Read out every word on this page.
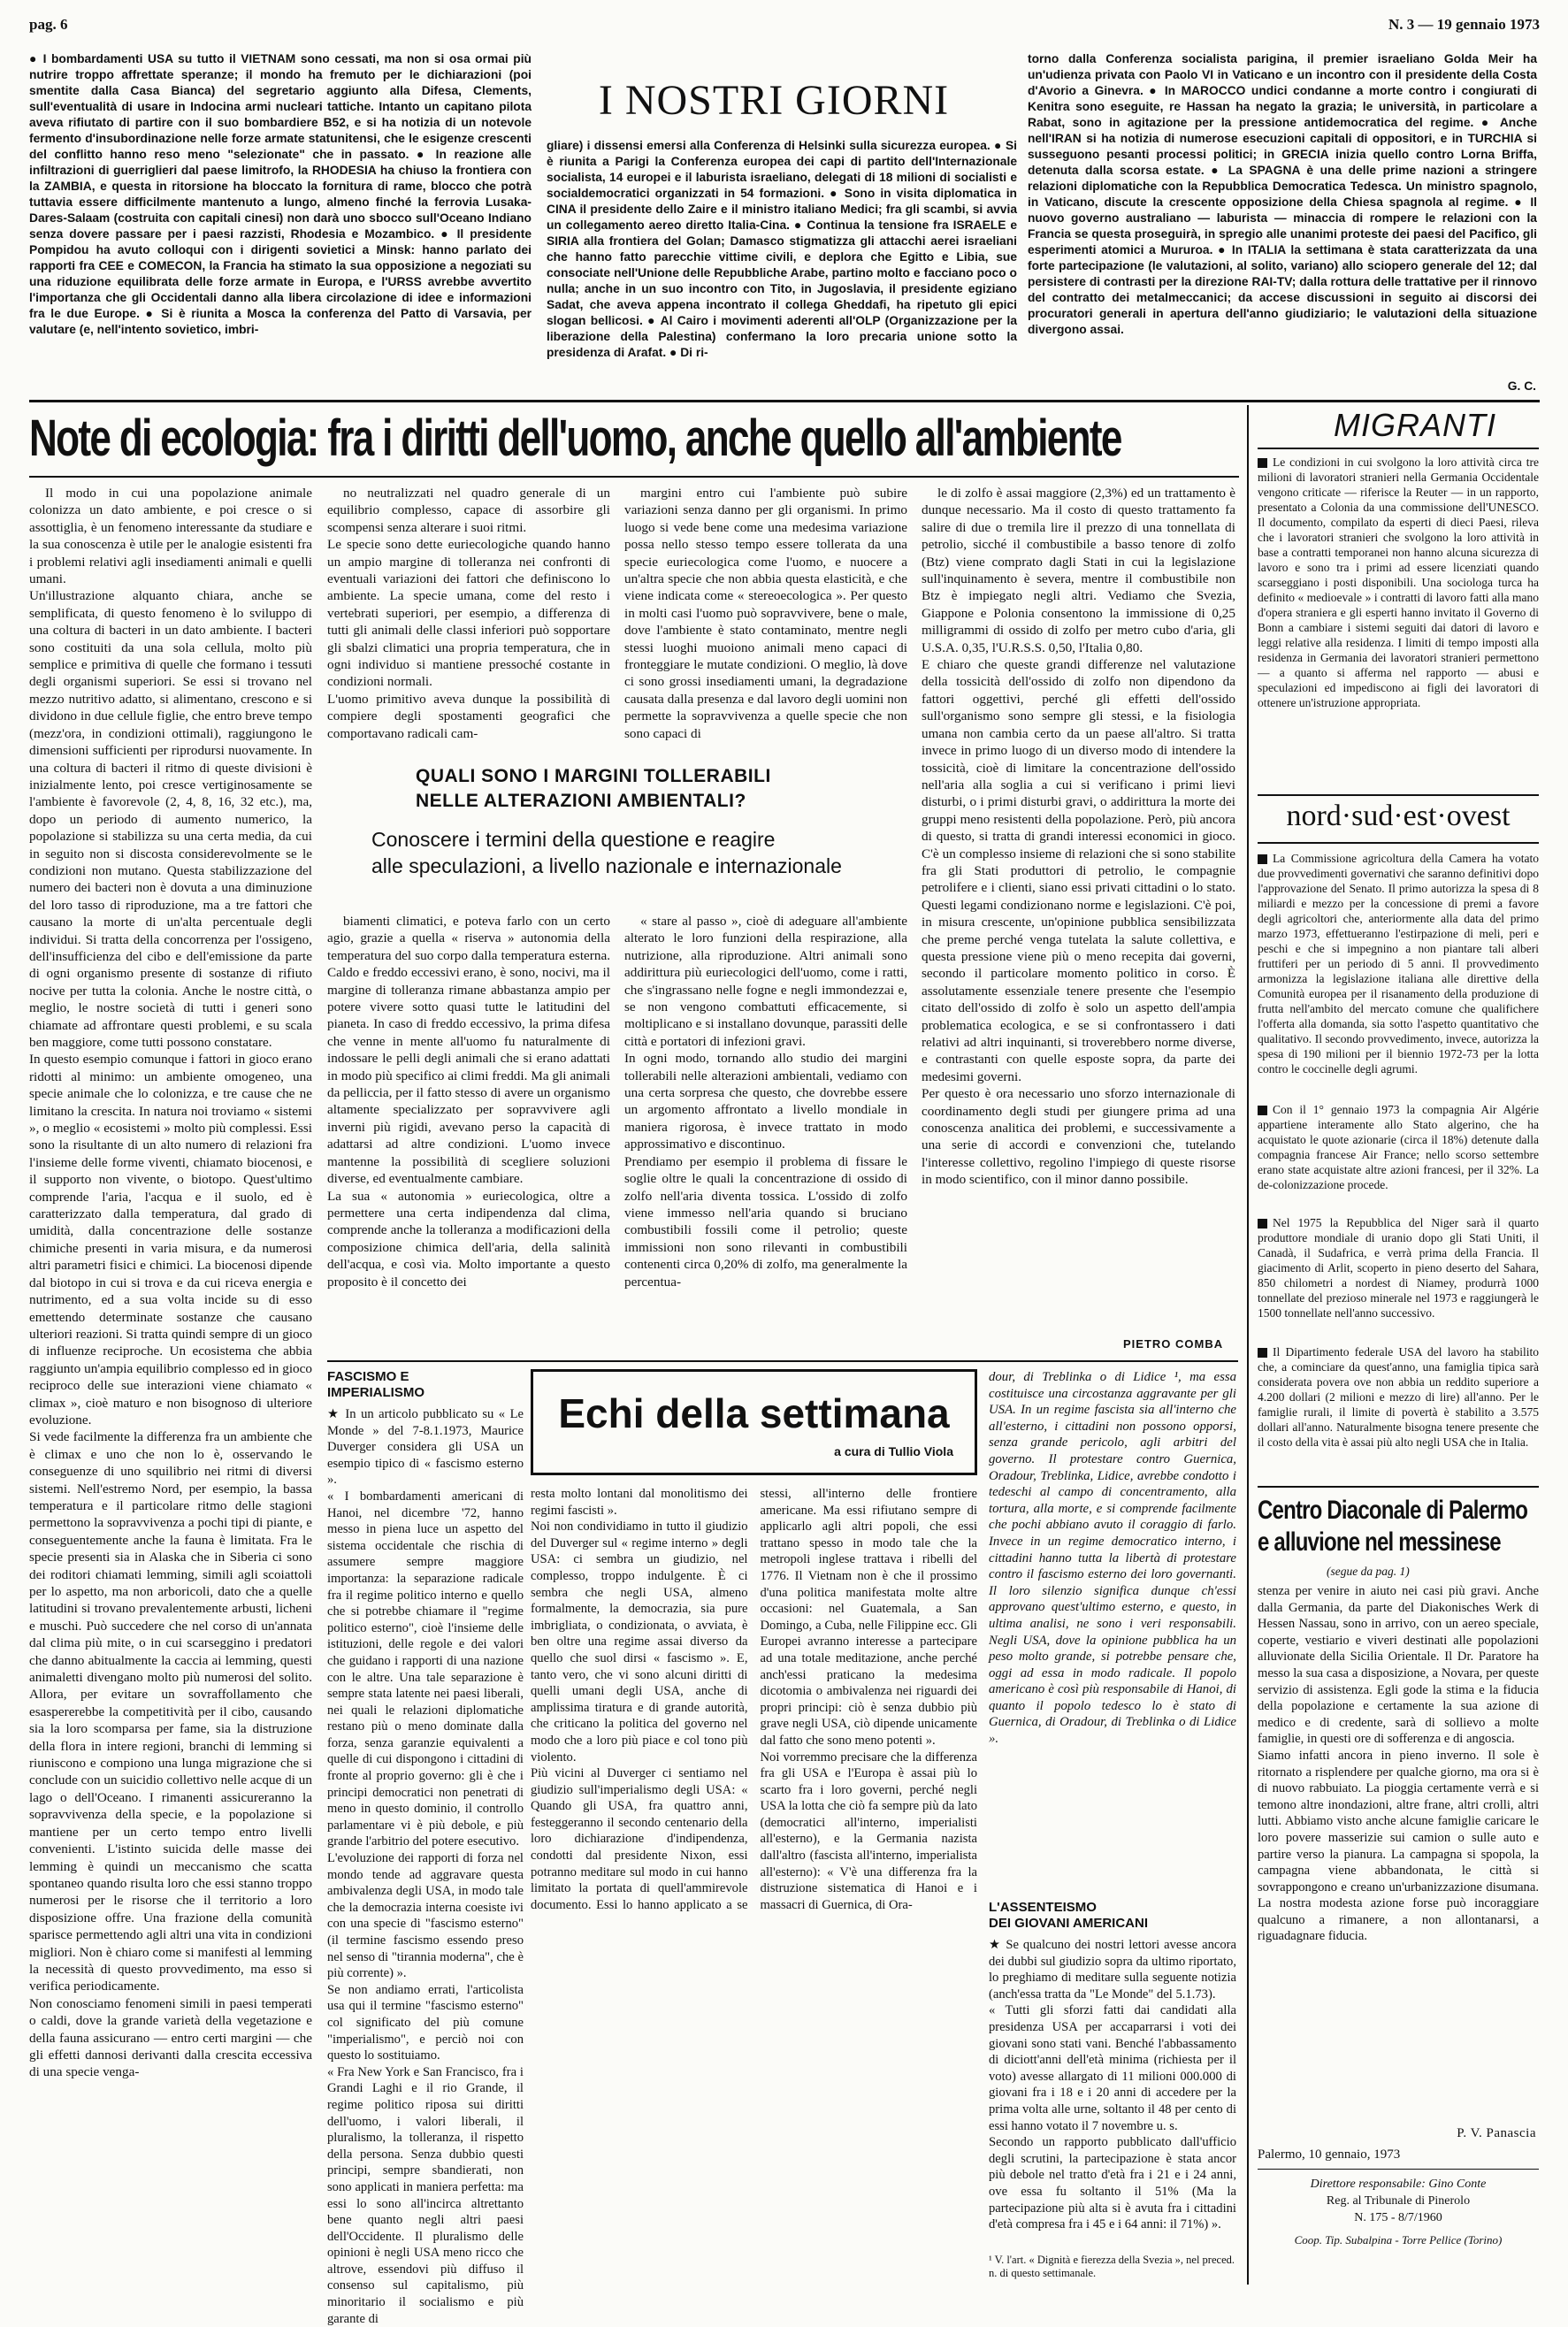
pag. 6	N. 3 — 19 gennaio 1973
● I bombardamenti USA su tutto il VIETNAM sono cessati, ma non si osa ormai più nutrire troppo affrettate speranze; il mondo ha fremuto per le dichiarazioni (poi smentite dalla Casa Bianca) del segretario aggiunto alla Difesa, Clements, sull'eventualità di usare in Indocina armi nucleari tattiche. Intanto un capitano pilota aveva rifiutato di partire con il suo bombardiere B52, e si ha notizia di un notevole fermento d'insubordinazione nelle forze armate statunitensi, che le esigenze crescenti del conflitto hanno reso meno "selezionate" che in passato. ● In reazione alle infiltrazioni di guerriglieri dal paese limitrofo, la RHODESIA ha chiuso la frontiera con la ZAMBIA, e questa in ritorsione ha bloccato la fornitura di rame, blocco che potrà tuttavia essere difficilmente mantenuto a lungo, almeno finché la ferrovia Lusaka-Dares-Salaam (costruita con capitali cinesi) non darà uno sbocco sull'Oceano Indiano senza dovere passare per i paesi razzisti, Rhodesia e Mozambico. ● Il presidente Pompidou ha avuto colloqui con i dirigenti sovietici a Minsk: hanno parlato dei rapporti fra CEE e COMECON, la Francia ha stimato la sua opposizione a negoziati su una riduzione equilibrata delle forze armate in Europa, e l'URSS avrebbe avvertito l'importanza che gli Occidentali danno alla libera circolazione di idee e informazioni fra le due Europe. ● Si è riunita a Mosca la conferenza del Patto di Varsavia, per valutare (e, nell'intento sovietico, imbri-
I NOSTRI GIORNI
gliare) i dissensi emersi alla Conferenza di Helsinki sulla sicurezza europea. ● Si è riunita a Parigi la Conferenza europea dei capi di partito dell'Internazionale socialista, 14 europei e il laburista israeliano, delegati di 18 milioni di socialisti e socialdemocratici organizzati in 54 formazioni. ● Sono in visita diplomatica in CINA il presidente dello Zaire e il ministro italiano Medici; fra gli scambi, si avvia un collegamento aereo diretto Italia-Cina. ● Continua la tensione fra ISRAELE e SIRIA alla frontiera del Golan; Damasco stigmatizza gli attacchi aerei israeliani che hanno fatto parecchie vittime civili, e deplora che Egitto e Libia, sue consociate nell'Unione delle Repubbliche Arabe, partino molto e facciano poco o nulla; anche in un suo incontro con Tito, in Jugoslavia, il presidente egiziano Sadat, che aveva appena incontrato il collega Gheddafi, ha ripetuto gli epici slogan bellicosi. ● Al Cairo i movimenti aderenti all'OLP (Organizzazione per la liberazione della Palestina) confermano la loro precaria unione sotto la presidenza di Arafat. ● Di ri-
torno dalla Conferenza socialista parigina, il premier israeliano Golda Meir ha un'udienza privata con Paolo VI in Vaticano e un incontro con il presidente della Costa d'Avorio a Ginevra. ● In MAROCCO undici condanne a morte contro i congiurati di Kenitra sono eseguite, re Hassan ha negato la grazia; le università, in particolare a Rabat, sono in agitazione per la pressione antidemocratica del regime. ● Anche nell'IRAN si ha notizia di numerose esecuzioni capitali di oppositori, e in TURCHIA si susseguono pesanti processi politici; in GRECIA inizia quello contro Lorna Briffa, detenuta dalla scorsa estate. ● La SPAGNA è una delle prime nazioni a stringere relazioni diplomatiche con la Repubblica Democratica Tedesca. Un ministro spagnolo, in Vaticano, discute la crescente opposizione della Chiesa spagnola al regime. ● Il nuovo governo australiano — laburista — minaccia di rompere le relazioni con la Francia se questa proseguirà, in spregio alle unanimi proteste dei paesi del Pacifico, gli esperimenti atomici a Mururoa. ● In ITALIA la settimana è stata caratterizzata da una forte partecipazione (le valutazioni, al solito, variano) allo sciopero generale del 12; dal persistere di contrasti per la direzione RAI-TV; dalla rottura delle trattative per il rinnovo del contratto dei metalmeccanici; da accese discussioni in seguito ai discorsi dei procuratori generali in apertura dell'anno giudiziario; le valutazioni della situazione divergono assai.
G. C.
Note di ecologia: fra i diritti dell'uomo, anche quello all'ambiente

Il modo in cui una popolazione animale colonizza un dato ambiente, e poi cresce o si assottiglia, è un fenomeno interessante da studiare e la sua conoscenza è utile per le analogie esistenti fra i problemi relativi agli insediamenti animali e quelli umani.
Un'illustrazione alquanto chiara, anche se semplificata, di questo fenomeno è lo sviluppo di una coltura di bacteri in un dato ambiente. I bacteri sono costituiti da una sola cellula, molto più semplice e primitiva di quelle che formano i tessuti degli organismi superiori. Se essi si trovano nel mezzo nutritivo adatto, si alimentano, crescono e si dividono in due cellule figlie, che entro breve tempo (mezz'ora, in condizioni ottimali), raggiungono le dimensioni sufficienti per riprodursi nuovamente. In una coltura di bacteri il ritmo di queste divisioni è inizialmente lento, poi cresce vertiginosamente se l'ambiente è favorevole (2, 4, 8, 16, 32 etc.), ma, dopo un periodo di aumento numerico, la popolazione si stabilizza su una certa media, da cui in seguito non si discosta considerevolmente se le condizioni non mutano. Questa stabilizzazione del numero dei bacteri non è dovuta a una diminuzione del loro tasso di riproduzione, ma a tre fattori che causano la morte di un'alta percentuale degli individui. Si tratta della concorrenza per l'ossigeno, dell'insufficienza del cibo e dell'emissione da parte di ogni organismo presente di sostanze di rifiuto nocive per tutta la colonia. Anche le nostre città, o meglio, le nostre società di tutti i generi sono chiamate ad affrontare questi problemi, e su scala ben maggiore, come tutti possono constatare.
In questo esempio comunque i fattori in gioco erano ridotti al minimo: un ambiente omogeneo, una specie animale che lo colonizza, e tre cause che ne limitano la crescita. In natura noi troviamo « sistemi », o meglio « ecosistemi » molto più complessi. Essi sono la risultante di un alto numero di relazioni fra l'insieme delle forme viventi, chiamato biocenosi, e il supporto non vivente, o biotopo. Quest'ultimo comprende l'aria, l'acqua e il suolo, ed è caratterizzato dalla temperatura, dal grado di umidità, dalla concentrazione delle sostanze chimiche presenti in varia misura, e da numerosi altri parametri fisici e chimici. La biocenosi dipende dal biotopo in cui si trova e da cui riceva energia e nutrimento, ed a sua volta incide su di esso emettendo determinate sostanze che causano ulteriori reazioni. Si tratta quindi sempre di un gioco di influenze reciproche. Un ecosistema che abbia raggiunto un'ampia equilibrio complesso ed in gioco reciproco delle sue interazioni viene chiamato « climax », cioè maturo e non bisognoso di ulteriore evoluzione.
Si vede facilmente la differenza fra un ambiente che è climax e uno che non lo è, osservando le conseguenze di uno squilibrio nei ritmi di diversi sistemi. Nell'estremo Nord, per esempio, la bassa temperatura e il particolare ritmo delle stagioni permettono la sopravvivenza a pochi tipi di piante, e conseguentemente anche la fauna è limitata. Fra le specie presenti sia in Alaska che in Siberia ci sono dei roditori chiamati lemming, simili agli scoiattoli per lo aspetto, ma non arboricoli, dato che a quelle latitudini si trovano prevalentemente arbusti, licheni e muschi. Può succedere che nel corso di un'annata dal clima più mite, o in cui scarseggino i predatori che danno abitualmente la caccia ai lemming, questi animaletti divengano molto più numerosi del solito. Allora, per evitare un sovraffollamento che esaspererebbe la competitività per il cibo, causando sia la loro scomparsa per fame, sia la distruzione della flora in intere regioni, branchi di lemming si riuniscono e compiono una lunga migrazione che si conclude con un suicidio collettivo nelle acque di un lago o dell'Oceano. I rimanenti assicureranno la sopravvivenza della specie, e la popolazione si mantiene per un certo tempo entro livelli convenienti. L'istinto suicida delle masse dei lemming è quindi un meccanismo che scatta spontaneo quando risulta loro che essi stanno troppo numerosi per le risorse che il territorio a loro disposizione offre. Una frazione della comunità sparisce permettendo agli altri una vita in condizioni migliori. Non è chiaro come si manifesti al lemming la necessità di questo provvedimento, ma esso si verifica periodicamente.
Non conosciamo fenomeni simili in paesi temperati o caldi, dove la grande varietà della vegetazione e della fauna assicurano — entro certi margini — che gli effetti dannosi derivanti dalla crescita eccessiva di una specie venga-

no neutralizzati nel quadro generale di un equilibrio complesso, capace di assorbire gli scompensi senza alterare i suoi ritmi.
Le specie sono dette euriecologiche quando hanno un ampio margine di tolleranza nei confronti di eventuali variazioni dei fattori che definiscono lo ambiente. La specie umana, come del resto i vertebrati superiori, per esempio, a differenza di tutti gli animali delle classi inferiori può sopportare gli sbalzi climatici una propria temperatura, che in ogni individuo si mantiene pressoché costante in condizioni normali.
L'uomo primitivo aveva dunque la possibilità di compiere degli spostamenti geografici che comportavano radicali cam-

margini entro cui l'ambiente può subire variazioni senza danno per gli organismi. In primo luogo si vede bene come una medesima variazione possa nello stesso tempo essere tollerata da una specie euriecologica come l'uomo, e nuocere a un'altra specie che non abbia questa elasticità, e che viene indicata come « stereoecologica ». Per questo in molti casi l'uomo può sopravvivere, bene o male, dove l'ambiente è stato contaminato, mentre negli stessi luoghi muoiono animali meno capaci di fronteggiare le mutate condizioni. O meglio, là dove ci sono grossi insediamenti umani, la degradazione causata dalla presenza e dal lavoro degli uomini non permette la sopravvivenza a quelle specie che non sono capaci di

QUALI SONO I MARGINI TOLLERABILI
NELLE ALTERAZIONI AMBIENTALI?
Conoscere i termini della questione e reagire
alle speculazioni, a livello nazionale e internazionale

biamenti climatici, e poteva farlo con un certo agio, grazie a quella « riserva » autonomia della temperatura del suo corpo dalla temperatura esterna. Caldo e freddo eccessivi erano, è sono, nocivi, ma il margine di tolleranza rimane abbastanza ampio per potere vivere sotto quasi tutte le latitudini del pianeta. In caso di freddo eccessivo, la prima difesa che venne in mente all'uomo fu naturalmente di indossare le pelli degli animali che si erano adattati in modo più specifico ai climi freddi. Ma gli animali da pelliccia, per il fatto stesso di avere un organismo altamente specializzato per sopravvivere agli inverni più rigidi, avevano perso la capacità di adattarsi ad altre condizioni. L'uomo invece mantenne la possibilità di scegliere soluzioni diverse, ed eventualmente cambiare.
La sua « autonomia » euriecologica, oltre a permettere una certa indipendenza dal clima, comprende anche la tolleranza a modificazioni della composizione chimica dell'aria, della salinità dell'acqua, e così via. Molto importante a questo proposito è il concetto dei

« stare al passo », cioè di adeguare all'ambiente alterato le loro funzioni della respirazione, alla nutrizione, alla riproduzione. Altri animali sono addirittura più euriecologici dell'uomo, come i ratti, che s'ingrassano nelle fogne e negli immondezzai e, se non vengono combattuti efficacemente, si moltiplicano e si installano dovunque, parassiti delle città e portatori di infezioni gravi.
In ogni modo, tornando allo studio dei margini tollerabili nelle alterazioni ambientali, vediamo con una certa sorpresa che questo, che dovrebbe essere un argomento affrontato a livello mondiale in maniera rigorosa, è invece trattato in modo approssimativo e discontinuo.
Prendiamo per esempio il problema di fissare le soglie oltre le quali la concentrazione di ossido di zolfo nell'aria diventa tossica. L'ossido di zolfo viene immesso nell'aria quando si bruciano combustibili fossili come il petrolio; queste immissioni non sono rilevanti in combustibili contenenti circa 0,20% di zolfo, ma generalmente la percentua-

le di zolfo è assai maggiore (2,3%) ed un trattamento è dunque necessario. Ma il costo di questo trattamento fa salire di due o tremila lire il prezzo di una tonnellata di petrolio, sicché il combustibile a basso tenore di zolfo (Btz) viene comprato dagli Stati in cui la legislazione sull'inquinamento è severa, mentre il combustibile non Btz è impiegato negli altri. Vediamo che Svezia, Giappone e Polonia consentono la immissione di 0,25 milligrammi di ossido di zolfo per metro cubo d'aria, gli U.S.A. 0,35, l'U.R.S.S. 0,50, l'Italia 0,80.
E chiaro che queste grandi differenze nel valutazione della tossicità dell'ossido di zolfo non dipendono da fattori oggettivi, perché gli effetti dell'ossido sull'organismo sono sempre gli stessi, e la fisiologia umana non cambia certo da un paese all'altro. Si tratta invece in primo luogo di un diverso modo di intendere la tossicità, cioè di limitare la concentrazione dell'ossido nell'aria alla soglia a cui si verificano i primi lievi disturbi, o i primi disturbi gravi, o addirittura la morte dei gruppi meno resistenti della popolazione. Però, più ancora di questo, si tratta di grandi interessi economici in gioco. C'è un complesso insieme di relazioni che si sono stabilite fra gli Stati produttori di petrolio, le compagnie petrolifere e i clienti, siano essi privati cittadini o lo stato. Questi legami condizionano norme e legislazioni. C'è poi, in misura crescente, un'opinione pubblica sensibilizzata che preme perché venga tutelata la salute collettiva, e questa pressione viene più o meno recepita dai governi, secondo il particolare momento politico in corso. È assolutamente essenziale tenere presente che l'esempio citato dell'ossido di zolfo è solo un aspetto dell'ampia problematica ecologica, e se si confrontassero i dati relativi ad altri inquinanti, si troverebbero norme diverse, e contrastanti con quelle esposte sopra, da parte dei medesimi governi.
Per questo è ora necessario uno sforzo internazionale di coordinamento degli studi per giungere prima ad una conoscenza analitica dei problemi, e successivamente a una serie di accordi e convenzioni che, tutelando l'interesse collettivo, regolino l'impiego di queste risorse in modo scientifico, con il minor danno possibile.

PIETRO COMBA
FASCISMO E
IMPERIALISMO	Echi della settimana
a cura di Tullio Viola
dour, di Treblinka o di Lidice ¹, ma essa costituisce una circostanza aggravante per gli USA. In un regime fascista sia all'interno che all'esterno, i cittadini non possono opporsi, senza grande pericolo, agli arbitri del governo. Il protestare contro Guernica, Oradour, Treblinka, Lidice, avrebbe condotto i tedeschi al campo di concentramento, alla tortura, alla morte, e si comprende facilmente che pochi abbiano avuto il coraggio di farlo. Invece in un regime democratico interno, i cittadini hanno tutta la libertà di protestare contro il fascismo esterno dei loro governanti. Il loro silenzio significa dunque ch'essi approvano quest'ultimo esterno, e questo, in ultima analisi, ne sono i veri responsabili. Negli USA, dove la opinione pubblica ha un peso molto grande, si potrebbe pensare che, oggi ad essa in modo radicale. Il popolo americano è così più responsabile di Hanoi, di quanto il popolo tedesco lo è stato di Guernica, di Oradour, di Treblinka o di Lidice ».
★ In un articolo pubblicato su « Le Monde » del 7-8.1.1973, Maurice Duverger considera gli USA un esempio tipico di « fascismo esterno ».
« I bombardamenti americani di Hanoi, nel dicembre '72, hanno messo in piena luce un aspetto del sistema occidentale che rischia di assumere sempre maggiore importanza: la separazione radicale fra il regime politico interno e quello che si potrebbe chiamare il "regime politico esterno", cioè l'insieme delle istituzioni, delle regole e dei valori che guidano i rapporti di una nazione con le altre. Una tale separazione è sempre stata latente nei paesi liberali, nei quali le relazioni diplomatiche restano più o meno dominate dalla forza, senza garanzie equivalenti a quelle di cui dispongono i cittadini di fronte al proprio governo: gli è che i principi democratici non penetrati di meno in questo dominio, il controllo parlamentare vi è più debole, e più grande l'arbitrio del potere esecutivo.
L'evoluzione dei rapporti di forza nel mondo tende ad aggravare questa ambivalenza degli USA, in modo tale che la democrazia interna coesiste ivi con una specie di "fascismo esterno" (il termine fascismo essendo preso nel senso di "tirannia moderna", che è più corrente) ».
Se non andiamo errati, l'articolista usa qui il termine "fascismo esterno" col significato del più comune "imperialismo", e perciò noi con questo lo sostituiamo.
« Fra New York e San Francisco, fra i Grandi Laghi e il rio Grande, il regime politico riposa sui diritti dell'uomo, i valori liberali, il pluralismo, la tolleranza, il rispetto della persona. Senza dubbio questi principi, sempre sbandierati, non sono applicati in maniera perfetta: ma essi lo sono all'incirca altrettanto bene quanto negli altri paesi dell'Occidente. Il pluralismo delle opinioni è negli USA meno ricco che altrove, essendovi più diffuso il consenso sul capitalismo, più minoritario il socialismo e più garante di
resta molto lontani dal monolitismo dei regimi fascisti ».
Noi non condividiamo in tutto il giudizio del Duverger sul « regime interno » degli USA: ci sembra un giudizio, nel complesso, troppo indulgente. È ci sembra che negli USA, almeno formalmente, la democrazia, sia pure imbrigliata, o condizionata, o avviata, è ben oltre una regime assai diverso da quello che suol dirsi « fascismo ». E, tanto vero, che vi sono alcuni diritti di quelli umani degli USA, anche di amplissima tiratura e di grande autorità, che criticano la politica del governo nel modo che a loro più piace e col tono più violento.
Più vicini al Duverger ci sentiamo nel giudizio sull'imperialismo degli USA: « Quando gli USA, fra quattro anni, festeggeranno il secondo centenario della loro dichiarazione d'indipendenza, condotti dal presidente Nixon, essi potranno meditare sul modo in cui hanno limitato la portata di quell'ammirevole documento. Essi lo hanno applicato a se stessi, all'interno delle frontiere americane. Ma essi rifiutano sempre di applicarlo agli altri popoli, che essi trattano spesso in modo tale che la metropoli inglese trattava i ribelli del 1776. Il Vietnam non è che il prossimo d'una politica manifestata molte altre occasioni: nel Guatemala, a San Domingo, a Cuba, nelle Filippine ecc. Gli Europei avranno interesse a partecipare ad una totale meditazione, anche perché anch'essi praticano la medesima dicotomia o ambivalenza nei riguardi dei propri principi: ciò è senza dubbio più grave negli USA, ciò dipende unicamente dal fatto che sono meno potenti ».
Noi vorremmo precisare che la differenza fra gli USA e l'Europa è assai più lo scarto fra i loro governi, perché negli USA la lotta che ciò fa sempre più da lato (democratici all'interno, imperialisti all'esterno), e la Germania nazista dall'altro (fascista all'interno, imperialista all'esterno): « V'è una differenza fra la distruzione sistematica di Hanoi e i massacri di Guernica, di Ora-	L'ASSENTEISMO
DEI GIOVANI AMERICANI
★ Se qualcuno dei nostri lettori avesse ancora dei dubbi sul giudizio sopra da ultimo riportato, lo preghiamo di meditare sulla seguente notizia (anch'essa tratta da "Le Monde" del 5.1.73).
« Tutti gli sforzi fatti dai candidati alla presidenza USA per accaparrarsi i voti dei giovani sono stati vani. Benché l'abbassamento di diciott'anni dell'età minima (richiesta per il voto) avesse allargato di 11 milioni 000.000 di giovani fra i 18 e i 20 anni di accedere per la prima volta alle urne, soltanto il 48 per cento di essi hanno votato il 7 novembre u. s.
Secondo un rapporto pubblicato dall'ufficio degli scrutini, la partecipazione è stata ancor più debole nel tratto d'età fra i 21 e i 24 anni, ove essa fu soltanto il 51% (Ma la partecipazione più alta si è avuta fra i cittadini d'età compresa fra i 45 e i 64 anni: il 71%) ».
¹ V. l'art. « Dignità e fierezza della Svezia », nel preced. n. di questo settimanale.
MIGRANTI
Le condizioni in cui svolgono la loro attività circa tre milioni di lavoratori stranieri nella Germania Occidentale vengono criticate — riferisce la Reuter — in un rapporto, presentato a Colonia da una commissione dell'UNESCO. Il documento, compilato da esperti di dieci Paesi, rileva che i lavoratori stranieri che svolgono la loro attività in base a contratti temporanei non hanno alcuna sicurezza di lavoro e sono tra i primi ad essere licenziati quando scarseggiano i posti disponibili. Una sociologa turca ha definito « medioevale » i contratti di lavoro fatti alla mano d'opera straniera e gli esperti hanno invitato il Governo di Bonn a cambiare i sistemi seguiti dai datori di lavoro e leggi relative alla residenza. I limiti di tempo imposti alla residenza in Germania dei lavoratori stranieri permettono — a quanto si afferma nel rapporto — abusi e speculazioni ed impediscono ai figli dei lavoratori di ottenere un'istruzione appropriata.
nord·sud·est·ovest
La Commissione agricoltura della Camera ha votato due provvedimenti governativi che saranno definitivi dopo l'approvazione del Senato. Il primo autorizza la spesa di 8 miliardi e mezzo per la concessione di premi a favore degli agricoltori che, anteriormente alla data del primo marzo 1973, effettueranno l'estirpazione di meli, peri e peschi e che si impegnino a non piantare tali alberi fruttiferi per un periodo di 5 anni. Il provvedimento armonizza la legislazione italiana alle direttive della Comunità europea per il risanamento della produzione di frutta nell'ambito del mercato comune che qualifichere l'offerta alla domanda, sia sotto l'aspetto quantitativo che qualitativo. Il secondo provvedimento, invece, autorizza la spesa di 190 milioni per il biennio 1972-73 per la lotta contro le coccinelle degli agrumi.
Con il 1° gennaio 1973 la compagnia Air Algérie appartiene interamente allo Stato algerino, che ha acquistato le quote azionarie (circa il 18%) detenute dalla compagnia francese Air France; nello scorso settembre erano state acquistate altre azioni francesi, per il 32%. La de-colonizzazione procede.
Nel 1975 la Repubblica del Niger sarà il quarto produttore mondiale di uranio dopo gli Stati Uniti, il Canadà, il Sudafrica, e verrà prima della Francia. Il giacimento di Arlit, scoperto in pieno deserto del Sahara, 850 chilometri a nordest di Niamey, produrrà 1000 tonnellate del prezioso minerale nel 1973 e raggiungerà le 1500 tonnellate nell'anno successivo.
Il Dipartimento federale USA del lavoro ha stabilito che, a cominciare da quest'anno, una famiglia tipica sarà considerata povera ove non abbia un reddito superiore a 4.200 dollari (2 milioni e mezzo di lire) all'anno. Per le famiglie rurali, il limite di povertà è stabilito a 3.575 dollari all'anno. Naturalmente bisogna tenere presente che il costo della vita è assai più alto negli USA che in Italia.
Centro Diaconale di Palermo
e alluvione nel messinese
(segue da pag. 1)
stenza per venire in aiuto nei casi più gravi. Anche dalla Germania, da parte del Diakonisches Werk di Hessen Nassau, sono in arrivo, con un aereo speciale, coperte, vestiario e viveri destinati alle popolazioni alluvionate della Sicilia Orientale. Il Dr. Paratore ha messo la sua casa a disposizione, a Novara, per queste servizio di assistenza. Egli gode la stima e la fiducia della popolazione e certamente la sua azione di medico e di credente, sarà di sollievo a molte famiglie, in questi ore di sofferenza e di angoscia.
Siamo infatti ancora in pieno inverno. Il sole è ritornato a risplendere per qualche giorno, ma ora si è di nuovo rabbuiato. La pioggia certamente verrà e si temono altre inondazioni, altre frane, altri crolli, altri lutti. Abbiamo visto anche alcune famiglie caricare le loro povere masserizie sui camion o sulle auto e partire verso la pianura. La campagna si spopola, la campagna viene abbandonata, le città si sovrappongono e creano un'urbanizzazione disumana. La nostra modesta azione forse può incoraggiare qualcuno a rimanere, a non allontanarsi, a riguadagnare fiducia.
P. V. Panascia
Palermo, 10 gennaio, 1973
Direttore responsabile: Gino Conte
Reg. al Tribunale di Pinerolo
N. 175 - 8/7/1960
Coop. Tip. Subalpina - Torre Pellice (Torino)
